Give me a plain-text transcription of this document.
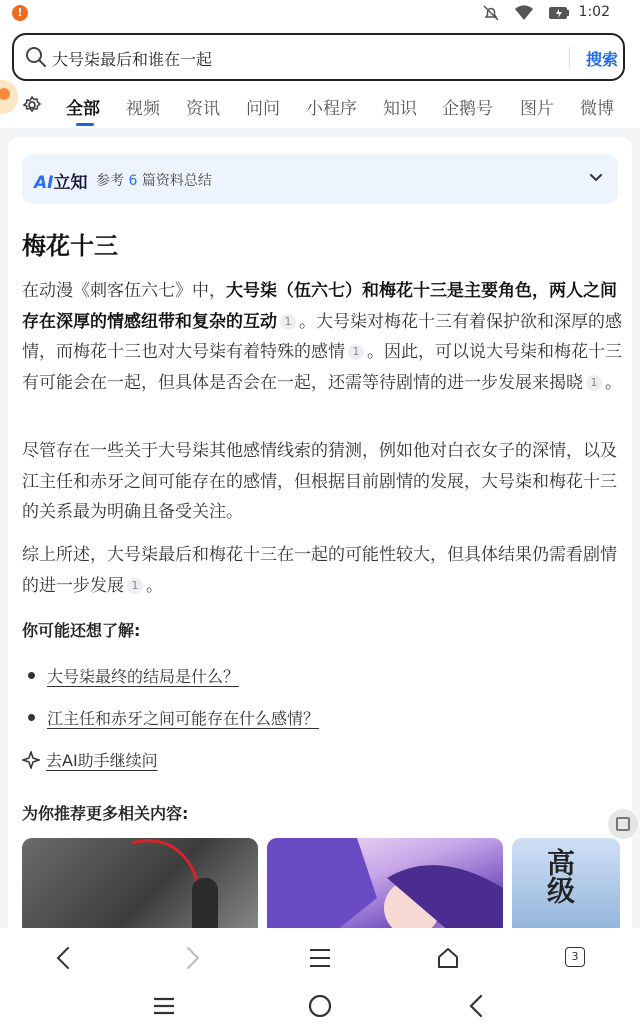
!	1:02
大号柒最后和谁在一起	搜索
全部 视频 资讯 问问 小程序 知识 企鹅号 图片 微博
AI立知 参考 6 篇资料总结
梅花十三
在动漫《刺客伍六七》中，大号柒（伍六七）和梅花十三是主要角色，两人之间存在深厚的情感纽带和复杂的互动 1 。大号柒对梅花十三有着保护欲和深厚的感情，而梅花十三也对大号柒有着特殊的感情 1 。因此，可以说大号柒和梅花十三有可能会在一起，但具体是否会在一起，还需等待剧情的进一步发展来揭晓 1 。
尽管存在一些关于大号柒其他感情线索的猜测，例如他对白衣女子的深情，以及江主任和赤牙之间可能存在的感情，但根据目前剧情的发展，大号柒和梅花十三的关系最为明确且备受关注。
综上所述，大号柒最后和梅花十三在一起的可能性较大，但具体结果仍需看剧情的进一步发展 1 。
你可能还想了解:
大号柒最终的结局是什么？
江主任和赤牙之间可能存在什么感情？
去AI助手继续问
为你推荐更多相关内容:
高级
3
